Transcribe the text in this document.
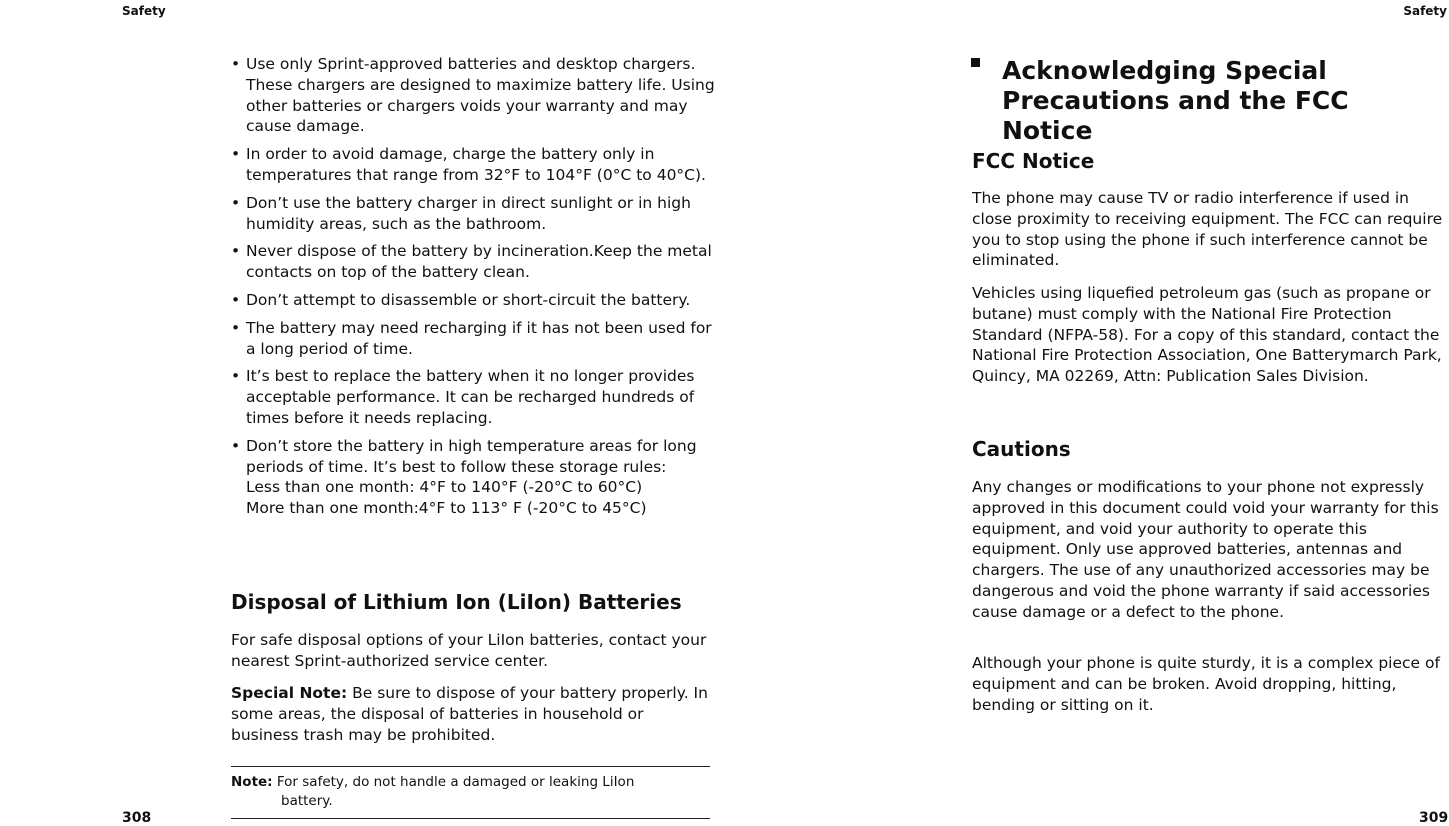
Safety

• Use only Sprint-approved batteries and desktop chargers. These chargers are designed to maximize battery life. Using other batteries or chargers voids your warranty and may cause damage.
• In order to avoid damage, charge the battery only in temperatures that range from 32°F to 104°F (0°C to 40°C).
• Don’t use the battery charger in direct sunlight or in high humidity areas, such as the bathroom.
• Never dispose of the battery by incineration.Keep the metal contacts on top of the battery clean.
• Don’t attempt to disassemble or short-circuit the battery.
• The battery may need recharging if it has not been used for a long period of time.
• It’s best to replace the battery when it no longer provides acceptable performance. It can be recharged hundreds of times before it needs replacing.
• Don’t store the battery in high temperature areas for long periods of time. It’s best to follow these storage rules:
Less than one month: 4°F to 140°F (-20°C to 60°C)
More than one month:4°F to 113° F (-20°C to 45°C)
Disposal of Lithium Ion (LiIon) Batteries

For safe disposal options of your LiIon batteries, contact your nearest Sprint-authorized service center.

Special Note: Be sure to dispose of your battery properly. In some areas, the disposal of batteries in household or business trash may be prohibited.

Note: For safety, do not handle a damaged or leaking LiIon
battery.

308

Safety

Acknowledging Special Precautions and the FCC Notice
FCC Notice

The phone may cause TV or radio interference if used in close proximity to receiving equipment. The FCC can require you to stop using the phone if such interference cannot be eliminated.

Vehicles using liquefied petroleum gas (such as propane or butane) must comply with the National Fire Protection Standard (NFPA-58). For a copy of this standard, contact the National Fire Protection Association, One Batterymarch Park, Quincy, MA 02269, Attn: Publication Sales Division.

Cautions

Any changes or modifications to your phone not expressly approved in this document could void your warranty for this equipment, and void your authority to operate this equipment. Only use approved batteries, antennas and chargers. The use of any unauthorized accessories may be dangerous and void the phone warranty if said accessories cause damage or a defect to the phone.

Although your phone is quite sturdy, it is a complex piece of equipment and can be broken. Avoid dropping, hitting, bending or sitting on it.

309
